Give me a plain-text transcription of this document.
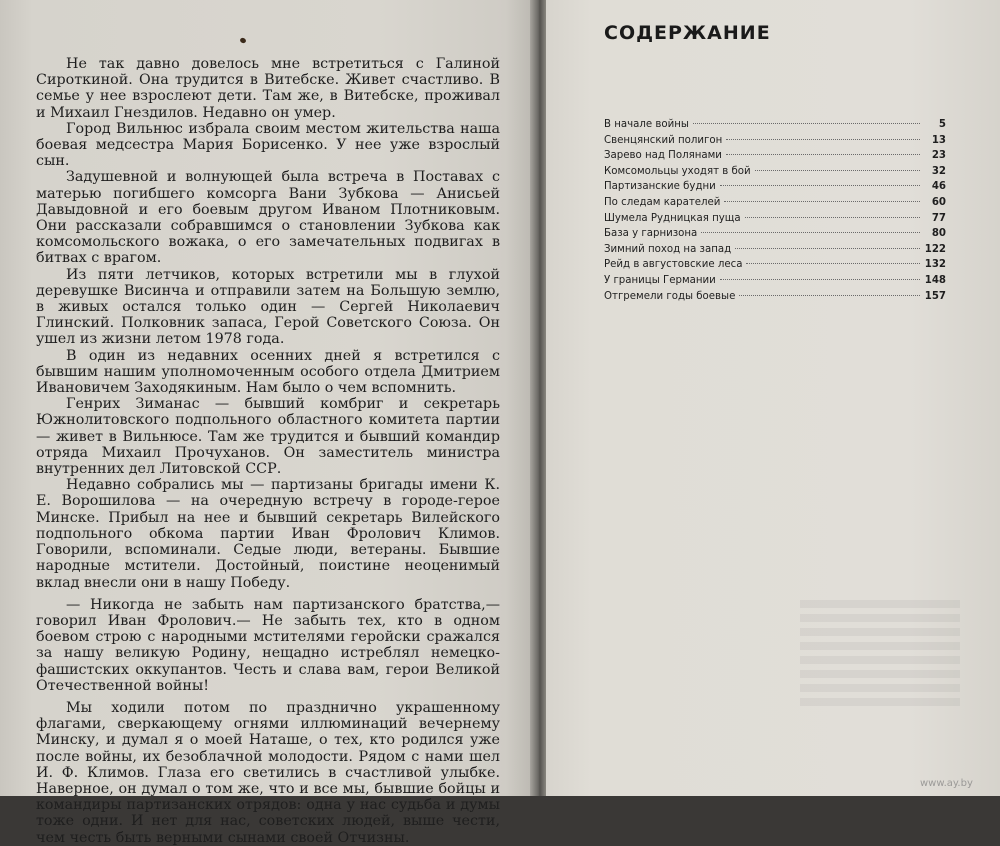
Не так давно довелось мне встретиться с Галиной Сироткиной. Она трудится в Витебске. Живет счастливо. В семье у нее взрослеют дети. Там же, в Витебске, проживал и Михаил Гнездилов. Недавно он умер.

Город Вильнюс избрала своим местом жительства наша боевая медсестра Мария Борисенко. У нее уже взрослый сын.

Задушевной и волнующей была встреча в Поставах с матерью погибшего комсорга Вани Зубкова — Анисьей Давыдовной и его боевым другом Иваном Плотниковым. Они рассказали собравшимся о становлении Зубкова как комсомольского вожака, о его замечательных подвигах в битвах с врагом.

Из пяти летчиков, которых встретили мы в глухой деревушке Висинча и отправили затем на Большую землю, в живых остался только один — Сергей Николаевич Глинский. Полковник запаса, Герой Советского Союза. Он ушел из жизни летом 1978 года.

В один из недавних осенних дней я встретился с бывшим нашим уполномоченным особого отдела Дмитрием Ивановичем Заходякиным. Нам было о чем вспомнить.

Генрих Зиманас — бывший комбриг и секретарь Южнолитовского подпольного областного комитета партии — живет в Вильнюсе. Там же трудится и бывший командир отряда Михаил Прочуханов. Он заместитель министра внутренних дел Литовской ССР.

Недавно собрались мы — партизаны бригады имени К. Е. Ворошилова — на очередную встречу в городе-герое Минске. Прибыл на нее и бывший секретарь Вилейского подпольного обкома партии Иван Фролович Климов. Говорили, вспоминали. Седые люди, ветераны. Бывшие народные мстители. Достойный, поистине неоценимый вклад внесли они в нашу Победу.

— Никогда не забыть нам партизанского братства,— говорил Иван Фролович.— Не забыть тех, кто в одном боевом строю с народными мстителями геройски сражался за нашу великую Родину, нещадно истреблял немецко-фашистских оккупантов. Честь и слава вам, герои Великой Отечественной войны!

Мы ходили потом по празднично украшенному флагами, сверкающему огнями иллюминаций вечернему Минску, и думал я о моей Наташе, о тех, кто родился уже после войны, их безоблачной молодости. Рядом с нами шел И. Ф. Климов. Глаза его светились в счастливой улыбке. Наверное, он думал о том же, что и все мы, бывшие бойцы и командиры партизанских отрядов: одна у нас судьба и думы тоже одни. И нет для нас, советских людей, выше чести, чем честь быть верными сынами своей Отчизны.

СОДЕРЖАНИЕ
В начале войны	5
Свенцянский полигон	13
Зарево над Полянами	23
Комсомольцы уходят в бой	32
Партизанские будни	46
По следам карателей	60
Шумела Рудницкая пуща	77
База у гарнизона	80
Зимний поход на запад	122
Рейд в августовские леса	132
У границы Германии	148
Отгремели годы боевые	157
www.ay.by
